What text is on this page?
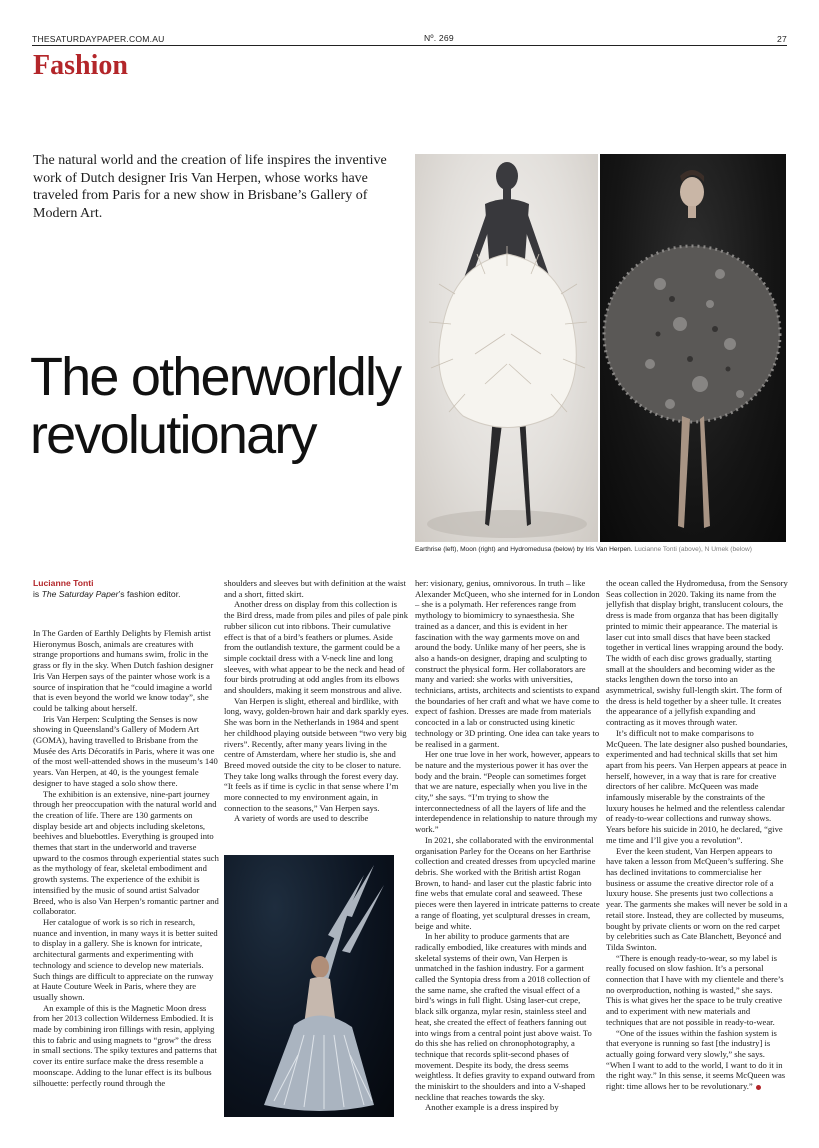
THESATURDAYPAPER.COM.AU	Nº. 269	27
Fashion

The natural world and the creation of life inspires the inventive work of Dutch designer Iris Van Herpen, whose works have traveled from Paris for a new show in Brisbane’s Gallery of Modern Art.

The otherworldly revolutionary
Earthrise (left), Moon (right) and Hydromedusa (below) by Iris Van Herpen. Lucianne Tonti (above), N Umek (below)
Lucianne Tonti
is The Saturday Paper’s fashion editor.

In The Garden of Earthly Delights by Flemish artist Hieronymus Bosch, animals are creatures with strange proportions and humans swim, frolic in the grass or fly in the sky. When Dutch fashion designer Iris Van Herpen says of the painter whose work is a source of inspiration that he “could imagine a world that is even beyond the world we know today”, she could be talking about herself.

Iris Van Herpen: Sculpting the Senses is now showing in Queensland’s Gallery of Modern Art (GOMA), having travelled to Brisbane from the Musée des Arts Décoratifs in Paris, where it was one of the most well-attended shows in the museum’s 140 years. Van Herpen, at 40, is the youngest female designer to have staged a solo show there.

The exhibition is an extensive, nine-part journey through her preoccupation with the natural world and the creation of life. There are 130 garments on display beside art and objects including skeletons, beehives and bluebottles. Everything is grouped into themes that start in the underworld and traverse upward to the cosmos through experiential states such as the mythology of fear, skeletal embodiment and growth systems. The experience of the exhibit is intensified by the music of sound artist Salvador Breed, who is also Van Herpen’s romantic partner and collaborator.

Her catalogue of work is so rich in research, nuance and invention, in many ways it is better suited to display in a gallery. She is known for intricate, architectural garments and experimenting with technology and science to develop new materials. Such things are difficult to appreciate on the runway at Haute Couture Week in Paris, where they are usually shown.

An example of this is the Magnetic Moon dress from her 2013 collection Wilderness Embodied. It is made by combining iron fillings with resin, applying this to fabric and using magnets to “grow” the dress in small sections. The spiky textures and patterns that cover its entire surface make the dress resemble a moonscape. Adding to the lunar effect is its bulbous silhouette: perfectly round through the

shoulders and sleeves but with definition at the waist and a short, fitted skirt.

Another dress on display from this collection is the Bird dress, made from piles and piles of pale pink rubber silicon cut into ribbons. Their cumulative effect is that of a bird’s feathers or plumes. Aside from the outlandish texture, the garment could be a simple cocktail dress with a V-neck line and long sleeves, with what appear to be the neck and head of four birds protruding at odd angles from its elbows and shoulders, making it seem monstrous and alive.

Van Herpen is slight, ethereal and birdlike, with long, wavy, golden-brown hair and dark sparkly eyes. She was born in the Netherlands in 1984 and spent her childhood playing outside between “two very big rivers”. Recently, after many years living in the centre of Amsterdam, where her studio is, she and Breed moved outside the city to be closer to nature. They take long walks through the forest every day. “It feels as if time is cyclic in that sense where I’m more connected to my environment again, in connection to the seasons,” Van Herpen says.

A variety of words are used to describe

her: visionary, genius, omnivorous. In truth – like Alexander McQueen, who she interned for in London – she is a polymath. Her references range from mythology to biomimicry to synaesthesia. She trained as a dancer, and this is evident in her fascination with the way garments move on and around the body. Unlike many of her peers, she is also a hands-on designer, draping and sculpting to construct the physical form. Her collaborators are many and varied: she works with universities, technicians, artists, architects and scientists to expand the boundaries of her craft and what we have come to expect of fashion. Dresses are made from materials concocted in a lab or constructed using kinetic technology or 3D printing. One idea can take years to be realised in a garment.

Her one true love in her work, however, appears to be nature and the mysterious power it has over the body and the brain. “People can sometimes forget that we are nature, especially when you live in the city,” she says. “I’m trying to show the interconnectedness of all the layers of life and the interdependence in relationship to nature through my work.”

In 2021, she collaborated with the environmental organisation Parley for the Oceans on her Earthrise collection and created dresses from upcycled marine debris. She worked with the British artist Rogan Brown, to hand- and laser cut the plastic fabric into fine webs that emulate coral and seaweed. These pieces were then layered in intricate patterns to create a range of floating, yet sculptural dresses in cream, beige and white.

In her ability to produce garments that are radically embodied, like creatures with minds and skeletal systems of their own, Van Herpen is unmatched in the fashion industry. For a garment called the Syntopia dress from a 2018 collection of the same name, she crafted the visual effect of a bird’s wings in full flight. Using laser-cut crepe, black silk organza, mylar resin, stainless steel and heat, she created the effect of feathers fanning out into wings from a central point just above waist. To do this she has relied on chronophotography, a technique that records split-second phases of movement. Despite its body, the dress seems weightless. It defies gravity to expand outward from the miniskirt to the shoulders and into a V-shaped neckline that reaches towards the sky.

Another example is a dress inspired by

the ocean called the Hydromedusa, from the Sensory Seas collection in 2020. Taking its name from the jellyfish that display bright, translucent colours, the dress is made from organza that has been digitally printed to mimic their appearance. The material is laser cut into small discs that have been stacked together in vertical lines wrapping around the body. The width of each disc grows gradually, starting small at the shoulders and becoming wider as the stacks lengthen down the torso into an asymmetrical, swishy full-length skirt. The form of the dress is held together by a sheer tulle. It creates the appearance of a jellyfish expanding and contracting as it moves through water.

It’s difficult not to make comparisons to McQueen. The late designer also pushed boundaries, experimented and had technical skills that set him apart from his peers. Van Herpen appears at peace in herself, however, in a way that is rare for creative directors of her calibre. McQueen was made infamously miserable by the constraints of the luxury houses he helmed and the relentless calendar of ready-to-wear collections and runway shows. Years before his suicide in 2010, he declared, “give me time and I’ll give you a revolution”.

Ever the keen student, Van Herpen appears to have taken a lesson from McQueen’s suffering. She has declined invitations to commercialise her business or assume the creative director role of a luxury house. She presents just two collections a year. The garments she makes will never be sold in a retail store. Instead, they are collected by museums, bought by private clients or worn on the red carpet by celebrities such as Cate Blanchett, Beyoncé and Tilda Swinton.

“There is enough ready-to-wear, so my label is really focused on slow fashion. It’s a personal connection that I have with my clientele and there’s no overproduction, nothing is wasted,” she says. This is what gives her the space to be truly creative and to experiment with new materials and techniques that are not possible in ready-to-wear.

“One of the issues within the fashion system is that everyone is running so fast [the industry] is actually going forward very slowly,” she says. “When I want to add to the world, I want to do it in the right way.” In this sense, it seems McQueen was right: time allows her to be revolutionary.”
